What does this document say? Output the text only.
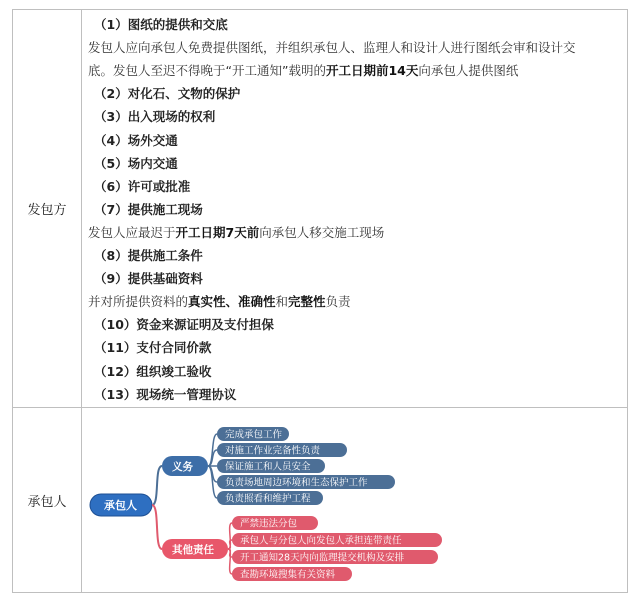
发包方
（1）图纸的提供和交底
发包人应向承包人免费提供图纸，并组织承包人、监理人和设计人进行图纸会审和设计交
底。发包人至迟不得晚于“开工通知”载明的开工日期前14天向承包人提供图纸
（2）对化石、文物的保护
（3）出入现场的权利
（4）场外交通
（5）场内交通
（6）许可或批准
（7）提供施工现场
发包人应最迟于开工日期7天前向承包人移交施工现场
（8）提供施工条件
（9）提供基础资料
并对所提供资料的真实性、准确性和完整性负责
（10）资金来源证明及支付担保
（11）支付合同价款
（12）组织竣工验收
（13）现场统一管理协议
承包人	承包人
义务
完成承包工作
对施工作业完备性负责
保证施工和人员安全
负责场地周边环境和生态保护工作
负责照看和维护工程
其他责任
严禁违法分包
承包人与分包人向发包人承担连带责任
开工通知28天内向监理提交机构及安排
查勘环境搜集有关资料
